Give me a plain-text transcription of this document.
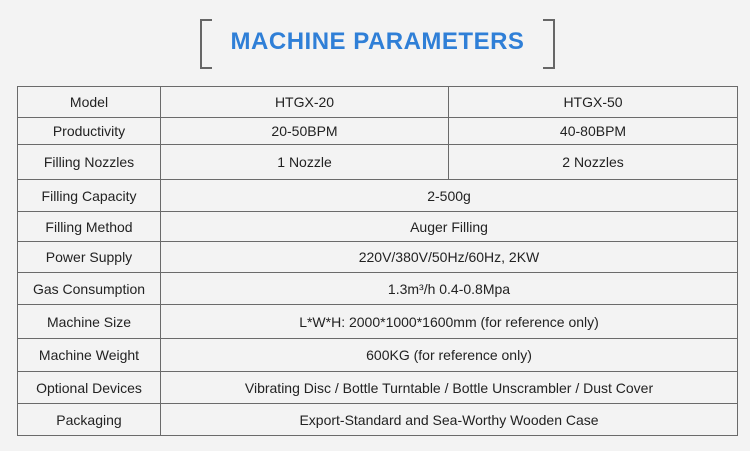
MACHINE PARAMETERS
Model	HTGX-20	HTGX-50
Productivity	20-50BPM	40-80BPM
Filling Nozzles	1 Nozzle	2 Nozzles
Filling Capacity	2-500g	
Filling Method	Auger Filling	
Power Supply	220V/380V/50Hz/60Hz, 2KW	
Gas Consumption	1.3m³/h 0.4-0.8Mpa	
Machine Size	L*W*H: 2000*1000*1600mm (for reference only)	
Machine Weight	600KG (for reference only)	
Optional Devices	Vibrating Disc / Bottle Turntable / Bottle Unscrambler / Dust Cover	
Packaging	Export-Standard and Sea-Worthy Wooden Case	
